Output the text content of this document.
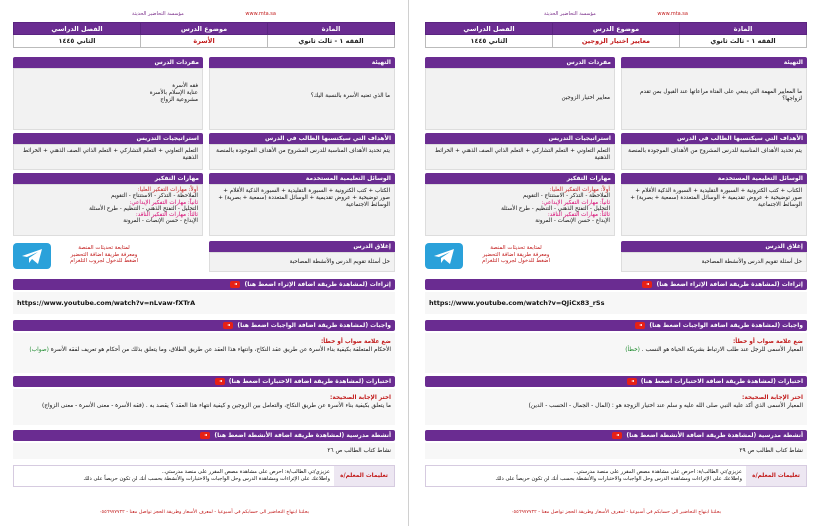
www.mta.sa مؤسسة التحاضير الحديثة
المادة	موضوع الدرس	الفصل الدراسي
الفقه ١ - ثالث ثانوي	معايير اختيار الزوجين	الثاني ١٤٤٥
التهيئة
ما المعايير المهمة التي ينبغي على الفتاة مراعاتها عند القبول بمن تقدم لزواجها؟
مفردات الدرس
معايير اختيار الزوجين
الأهداف التي سيكتسبها الطالب في الدرس
يتم تحديد الأهداف المناسبة للدرس المشروح من الأهداف الموجودة بالمنصة
استراتيجيات التدريس
التعلم التعاوني + التعلم التشاركي + التعلم الذاتي الصف الذهني + الخرائط الذهنية
الوسائل التعليمية المستخدمة
الكتاب + كتب الكترونية + السبورة التقليدية + السبورة الذكية الأقلام + صور توضيحية + عروض تقديمية + الوسائل المتعددة (سمعية + بصرية) + الوسائط الاجتماعية
مهارات التفكير
أولاً: مهارات التفكير العليا:
الملاحظة - التذكر - الاستنتاج - التقويم
ثانياً: مهارات التفكير الإبداعي:
التحليل - التفتح الذهني - التنظيم - طرح الأسئلة
ثالثاً: مهارات التفكير الناقد:
الإبداع - حسن الإنصات - المرونة
إغلاق الدرس
حل أسئلة تقويم الدرس والأنشطة المصاحبة
لمتابعة تحديثات المنصة
ومعرفة طريقة اضافة التحضير
اضغط للدخول لجروب التلغرام
إثراءات (لمشاهدة طريقة اضافة الإثراء اضغط هنا)
https://www.youtube.com/watch?v=QJiCx83_rSs
واجبات (لمشاهدة طريقة اضافة الواجبات اضغط هنا)
ضع علامة صواب أو خطأ:
المعيار الأسمى للرجل عند طلب الارتباط بشريكة الحياة هو النسب . (خطأ)
اختبارات (لمشاهدة طريقة اضافة الاختبارات اضغط هنا)
اختر الإجابة الصحيحة:
المعيار الأسمى الذي أكد عليه النبي صلى الله عليه و سلم عند اختيار الزوجة هو : (المال - الجمال - الحسب - الدين)
أنشطة مدرسية (لمشاهدة طريقة اضافة الأنشطة اضغط هنا)
نشاط كتاب الطالب ص ٢٩
تعليمات المعلم/ة
عزيزي/تي الطالب/ة: احرص على مشاهدة مصص المقرر على منصة مدرستي..
واطلاعك على الإثراءات ومشاهدة الدرس وحل الواجبات والاختبارات والأنشطة بحسب أنك لن تكون حريصاً على ذلك
بحلتنا ابتهاج التحاضير الى حسابكم في أسبوعيا - لمعرف الأسعار وطريقة الحجز تواصل معنا - ٠٥٥٦٩٧٧٧٢٢
www.mta.sa مؤسسة التحاضير الحديثة
المادة	موضوع الدرس	الفصل الدراسي
الفقه ١ - ثالث ثانوي	الأسرة	الثاني ١٤٤٥
التهيئة
ما الذي تعنيه الأسرة بالنسبة اليك؟
مفردات الدرس
فقه الأسرة
عناية الإسلام بالأسرة
مشروعية الزواج
الأهداف التي سيكتسبها الطالب في الدرس
يتم تحديد الأهداف المناسبة للدرس المشروح من الأهداف الموجودة بالمنصة
استراتيجيات التدريس
التعلم التعاوني + التعلم التشاركي + التعلم الذاتي الصف الذهني + الخرائط الذهنية
الوسائل التعليمية المستخدمة
الكتاب + كتب الكترونية + السبورة التقليدية + السبورة الذكية الأقلام + صور توضيحية + عروض تقديمية + الوسائل المتعددة (سمعية + بصرية) + الوسائط الاجتماعية
مهارات التفكير
أولاً: مهارات التفكير العليا:
الملاحظة - التذكر - الاستنتاج - التقويم
ثانياً: مهارات التفكير الإبداعي:
التحليل - التفتح الذهني - التنظيم - طرح الأسئلة
ثالثاً: مهارات التفكير الناقد:
الإبداع - حسن الإنصات - المرونة
إغلاق الدرس
حل أسئلة تقويم الدرس والأنشطة المصاحبة
لمتابعة تحديثات المنصة
ومعرفة طريقة اضافة التحضير
اضغط للدخول لجروب التلغرام
إثراءات (لمشاهدة طريقة اضافة الإثراء اضغط هنا)
https://www.youtube.com/watch?v=nLvaw-fXTrA
واجبات (لمشاهدة طريقة اضافة الواجبات اضغط هنا)
ضع علامة صواب أو خطأ:
الأحكام المتعلقة بكيفية بناء الأسرة عن طريق عقد النكاح، وانتهاء هذا العقد عن طريق الطلاق، وما يتعلق بذلك من أحكام هو تعريف لفقه الأسرة (صواب)
اختبارات (لمشاهدة طريقة اضافة الاختبارات اضغط هنا)
اختر الإجابة الصحيحة:
ما يتعلق بكيفية بناء الأسرة عن طريق النكاح، والتعامل بين الزوجين و كيفية انتهاء هذا العقد ؟ يقصد به . (فقه الأسرة - معنى الأسرة - معنى الزواج)
أنشطة مدرسية (لمشاهدة طريقة اضافة الأنشطة اضغط هنا)
نشاط كتاب الطالب ص ٢٦
تعليمات المعلم/ة
عزيزي/تي الطالب/ة: احرص على مشاهدة مصص المقرر على منصة مدرستي..
واطلاعك على الإثراءات ومشاهدة الدرس وحل الواجبات والاختبارات والأنشطة بحسب أنك لن تكون حريصاً على ذلك
بحلتنا ابتهاج التحاضير الى حسابكم في أسبوعيا - لمعرف الأسعار وطريقة الحجز تواصل معنا - ٠٥٥٦٩٧٧٧٢٢
